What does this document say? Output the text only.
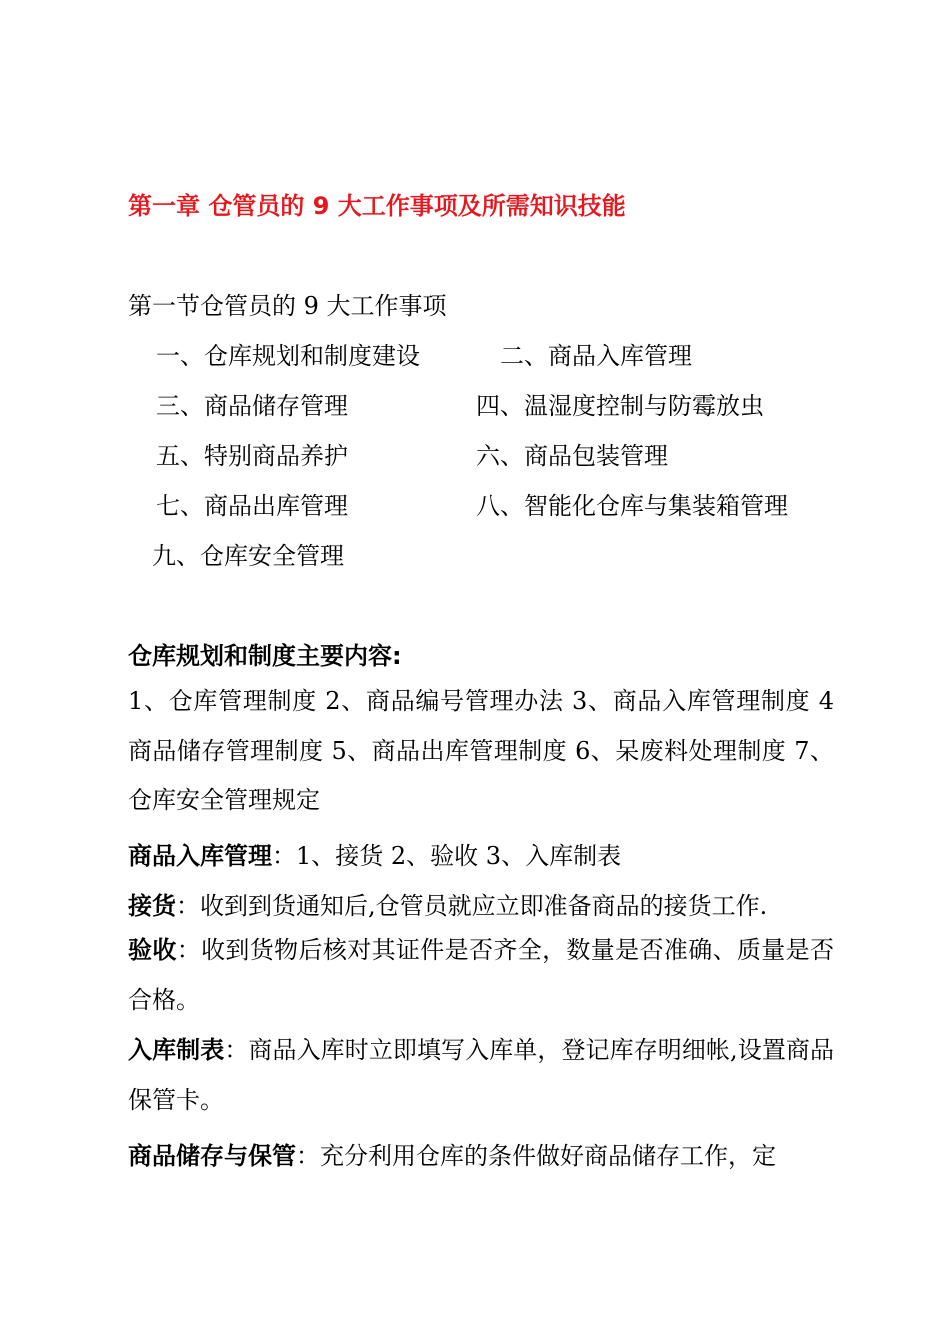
第一章 仓管员的 9 大工作事项及所需知识技能
第一节仓管员的 9 大工作事项
一、仓库规划和制度建设	二、商品入库管理
三、商品储存管理	四、温湿度控制与防霉放虫
五、特别商品养护	六、商品包装管理
七、商品出库管理	八、智能化仓库与集装箱管理
九、仓库安全管理
仓库规划和制度主要内容:

1、仓库管理制度 2、商品编号管理办法 3、商品入库管理制度 4 商品储存管理制度 5、商品出库管理制度 6、呆废料处理制度 7、仓库安全管理规定

商品入库管理：1、接货 2、验收 3、入库制表
接货：收到到货通知后,仓管员就应立即准备商品的接货工作.

验收：收到货物后核对其证件是否齐全，数量是否准确、质量是否合格。

入库制表：商品入库时立即填写入库单，登记库存明细帐,设置商品保管卡。

商品储存与保管：充分利用仓库的条件做好商品储存工作，定
